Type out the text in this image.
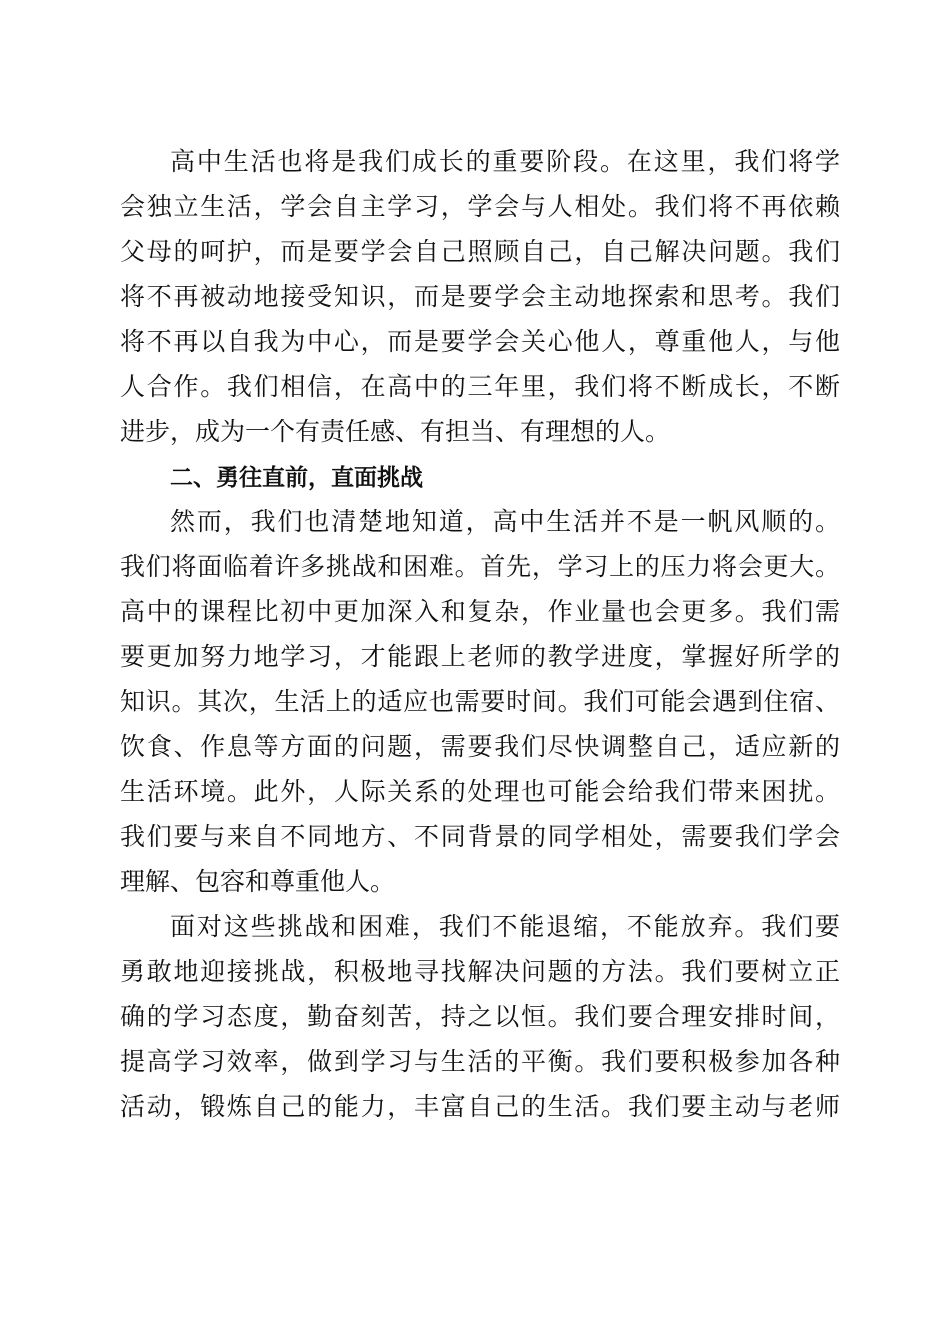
高中生活也将是我们成长的重要阶段。在这里，我们将学

会独立生活，学会自主学习，学会与人相处。我们将不再依赖

父母的呵护，而是要学会自己照顾自己，自己解决问题。我们

将不再被动地接受知识，而是要学会主动地探索和思考。我们

将不再以自我为中心，而是要学会关心他人，尊重他人，与他

人合作。我们相信，在高中的三年里，我们将不断成长，不断

进步，成为一个有责任感、有担当、有理想的人。

二、勇往直前，直面挑战

然而，我们也清楚地知道，高中生活并不是一帆风顺的。

我们将面临着许多挑战和困难。首先，学习上的压力将会更大。

高中的课程比初中更加深入和复杂，作业量也会更多。我们需

要更加努力地学习，才能跟上老师的教学进度，掌握好所学的

知识。其次，生活上的适应也需要时间。我们可能会遇到住宿、

饮食、作息等方面的问题，需要我们尽快调整自己，适应新的

生活环境。此外，人际关系的处理也可能会给我们带来困扰。

我们要与来自不同地方、不同背景的同学相处，需要我们学会

理解、包容和尊重他人。

面对这些挑战和困难，我们不能退缩，不能放弃。我们要

勇敢地迎接挑战，积极地寻找解决问题的方法。我们要树立正

确的学习态度，勤奋刻苦，持之以恒。我们要合理安排时间，

提高学习效率，做到学习与生活的平衡。我们要积极参加各种

活动，锻炼自己的能力，丰富自己的生活。我们要主动与老师
